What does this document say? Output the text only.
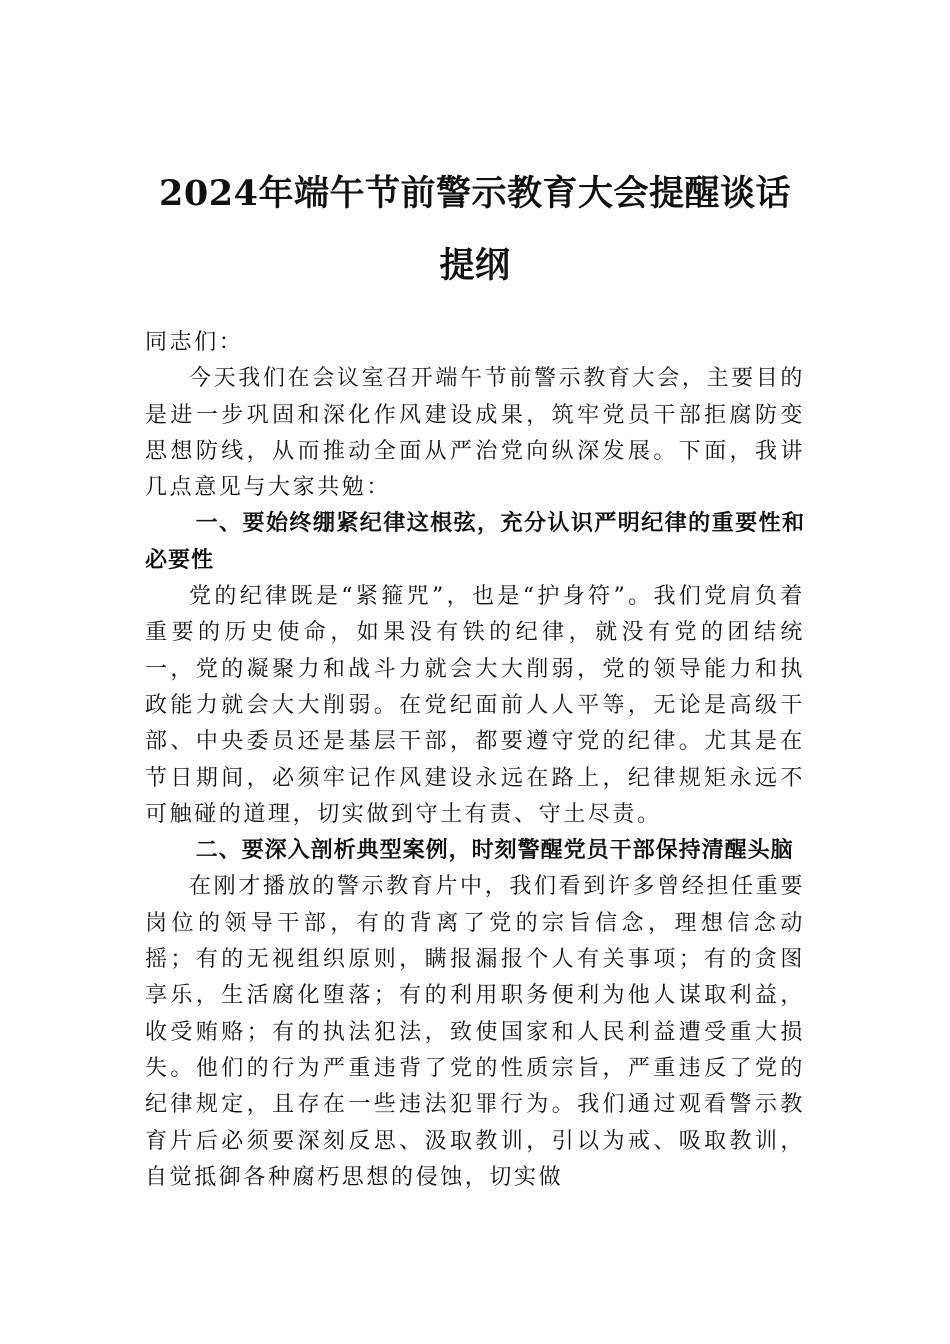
2024年端午节前警示教育大会提醒谈话提纲

同志们：

今天我们在会议室召开端午节前警示教育大会，主要目的是进一步巩固和深化作风建设成果，筑牢党员干部拒腐防变思想防线，从而推动全面从严治党向纵深发展。下面，我讲几点意见与大家共勉：

一、要始终绷紧纪律这根弦，充分认识严明纪律的重要性和必要性

党的纪律既是“紧箍咒”，也是“护身符”。我们党肩负着重要的历史使命，如果没有铁的纪律，就没有党的团结统一，党的凝聚力和战斗力就会大大削弱，党的领导能力和执政能力就会大大削弱。在党纪面前人人平等，无论是高级干部、中央委员还是基层干部，都要遵守党的纪律。尤其是在节日期间，必须牢记作风建设永远在路上，纪律规矩永远不可触碰的道理，切实做到守土有责、守土尽责。

二、要深入剖析典型案例，时刻警醒党员干部保持清醒头脑

在刚才播放的警示教育片中，我们看到许多曾经担任重要岗位的领导干部，有的背离了党的宗旨信念，理想信念动摇；有的无视组织原则，瞒报漏报个人有关事项；有的贪图享乐，生活腐化堕落；有的利用职务便利为他人谋取利益，收受贿赂；有的执法犯法，致使国家和人民利益遭受重大损失。他们的行为严重违背了党的性质宗旨，严重违反了党的纪律规定，且存在一些违法犯罪行为。我们通过观看警示教育片后必须要深刻反思、汲取教训，引以为戒、吸取教训，自觉抵御各种腐朽思想的侵蚀，切实做
